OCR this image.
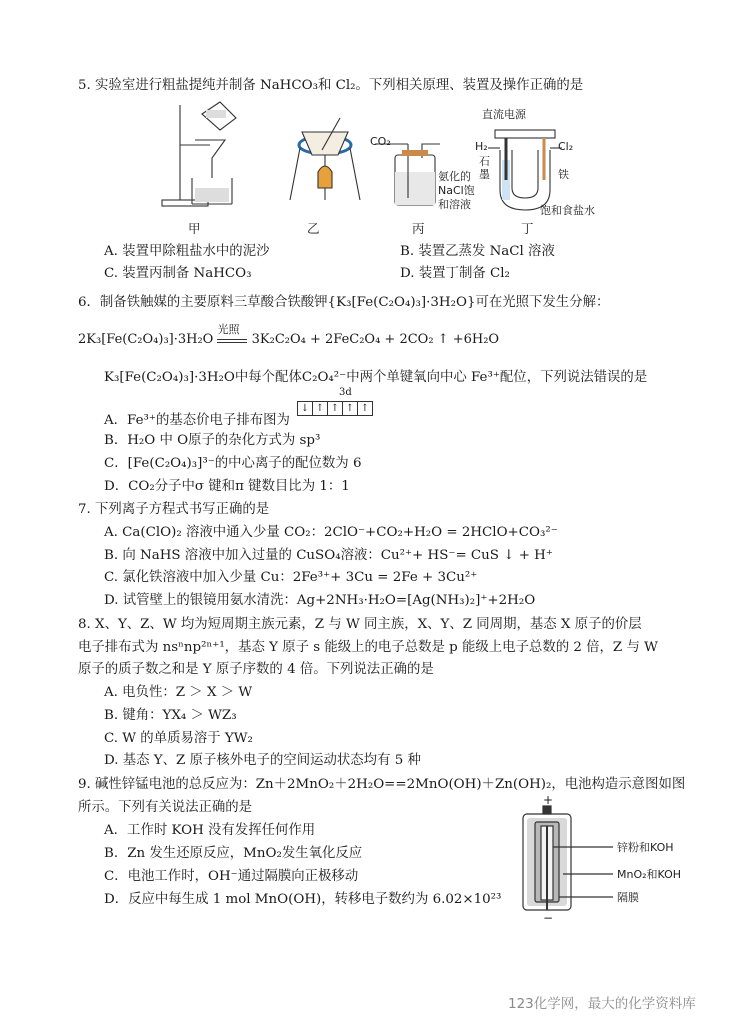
5. 实验室进行粗盐提纯并制备 NaHCO₃和 Cl₂。下列相关原理、装置及操作正确的是
CO₂
氨化的
NaCl饱
和溶液
直流电源
H₂	Cl₂
石
墨	铁
饱和食盐水
甲	乙	丙	丁
A. 装置甲除粗盐水中的泥沙	B. 装置乙蒸发 NaCl 溶液
C. 装置丙制备 NaHCO₃	D. 装置丁制备 Cl₂
6．制备铁触媒的主要原料三草酸合铁酸钾{K₃[Fe(C₂O₄)₃]·3H₂O}可在光照下发生分解：
2K₃[Fe(C₂O₄)₃]·3H₂O
光照
3K₂C₂O₄ + 2FeC₂O₄ + 2CO₂ ↑ +6H₂O
K₃[Fe(C₂O₄)₃]·3H₂O中每个配体C₂O₄²⁻中两个单键氧向中心 Fe³⁺配位，下列说法错误的是
A．Fe³⁺的基态价电子排布图为
3d
↓ ↑ ↑ ↑ ↑
B．H₂O 中 O原子的杂化方式为 sp³
C．[Fe(C₂O₄)₃]³⁻的中心离子的配位数为 6
D．CO₂分子中σ 键和π 键数目比为 1：1
7. 下列离子方程式书写正确的是
A. Ca(ClO)₂ 溶液中通入少量 CO₂：2ClO⁻+CO₂+H₂O = 2HClO+CO₃²⁻
B. 向 NaHS 溶液中加入过量的 CuSO₄溶液：Cu²⁺+ HS⁻= CuS ↓ + H⁺
C. 氯化铁溶液中加入少量 Cu：2Fe³⁺+ 3Cu = 2Fe + 3Cu²⁺
D. 试管壁上的银镜用氨水清洗：Ag+2NH₃·H₂O=[Ag(NH₃)₂]⁺+2H₂O
8. X、Y、Z、W 均为短周期主族元素，Z 与 W 同主族，X、Y、Z 同周期，基态 X 原子的价层
电子排布式为 nsⁿnp²ⁿ⁺¹，基态 Y 原子 s 能级上的电子总数是 p 能级上电子总数的 2 倍，Z 与 W
原子的质子数之和是 Y 原子序数的 4 倍。下列说法正确的是
A. 电负性：Z ＞ X ＞ W
B. 键角：YX₄ ＞ WZ₃
C. W 的单质易溶于 YW₂
D. 基态 Y、Z 原子核外电子的空间运动状态均有 5 种
9. 碱性锌锰电池的总反应为：Zn＋2MnO₂＋2H₂O==2MnO(OH)＋Zn(OH)₂，电池构造示意图如图
所示。下列有关说法正确的是
A．工作时 KOH 没有发挥任何作用
B．Zn 发生还原反应，MnO₂发生氧化反应
C．电池工作时，OH⁻通过隔膜向正极移动
D．反应中每生成 1 mol MnO(OH)，转移电子数约为 6.02×10²³
+
−
锌粉和KOH
MnO₂和KOH
隔膜
123化学网，最大的化学资料库
